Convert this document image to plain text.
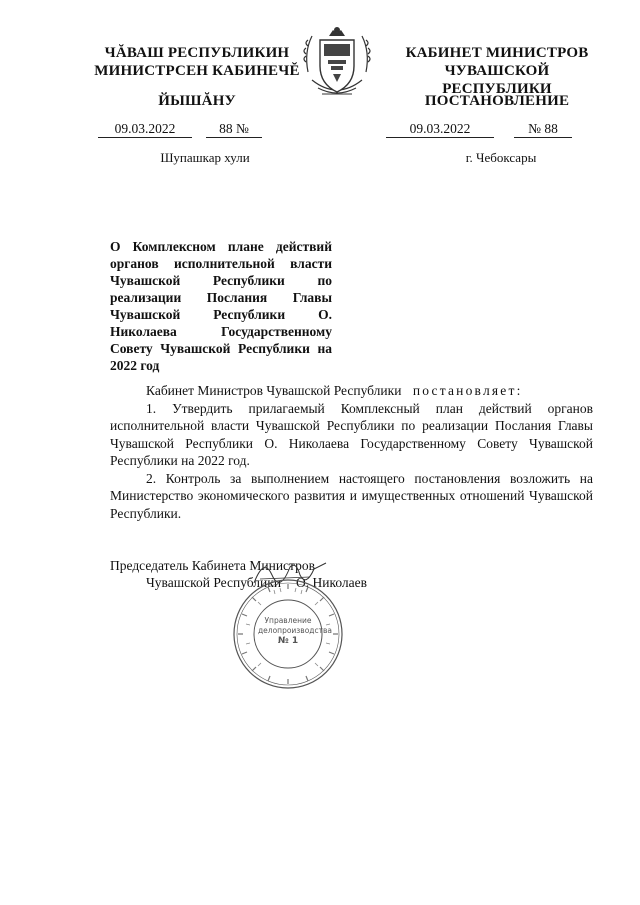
ЧĂВАШ РЕСПУБЛИКИН
МИНИСТРСЕН КАБИНЕЧĔ
ЙЫШĂНУ
КАБИНЕТ МИНИСТРОВ
ЧУВАШСКОЙ РЕСПУБЛИКИ
ПОСТАНОВЛЕНИЕ
09.03.2022	88 №	09.03.2022	№ 88
Шупашкар хули	г. Чебоксары
О Комплексном плане действий органов исполнительной власти Чувашской Республики по реализации Послания Главы Чувашской Республики О. Николаева Государственному Совету Чувашской Республики на 2022 год

Кабинет Министров Чувашской Республики постановляет:

1. Утвердить прилагаемый Комплексный план действий органов исполнительной власти Чувашской Республики по реализации Послания Главы Чувашской Республики О. Николаева Государственному Совету Чувашской Республики на 2022 год.

2. Контроль за выполнением настоящего постановления возложить на Министерство экономического развития и имущественных отношений Чувашской Республики.

Председатель Кабинета Министров
Чувашской Республики О. Николаев
Управление
делопроизводства
№ 1
